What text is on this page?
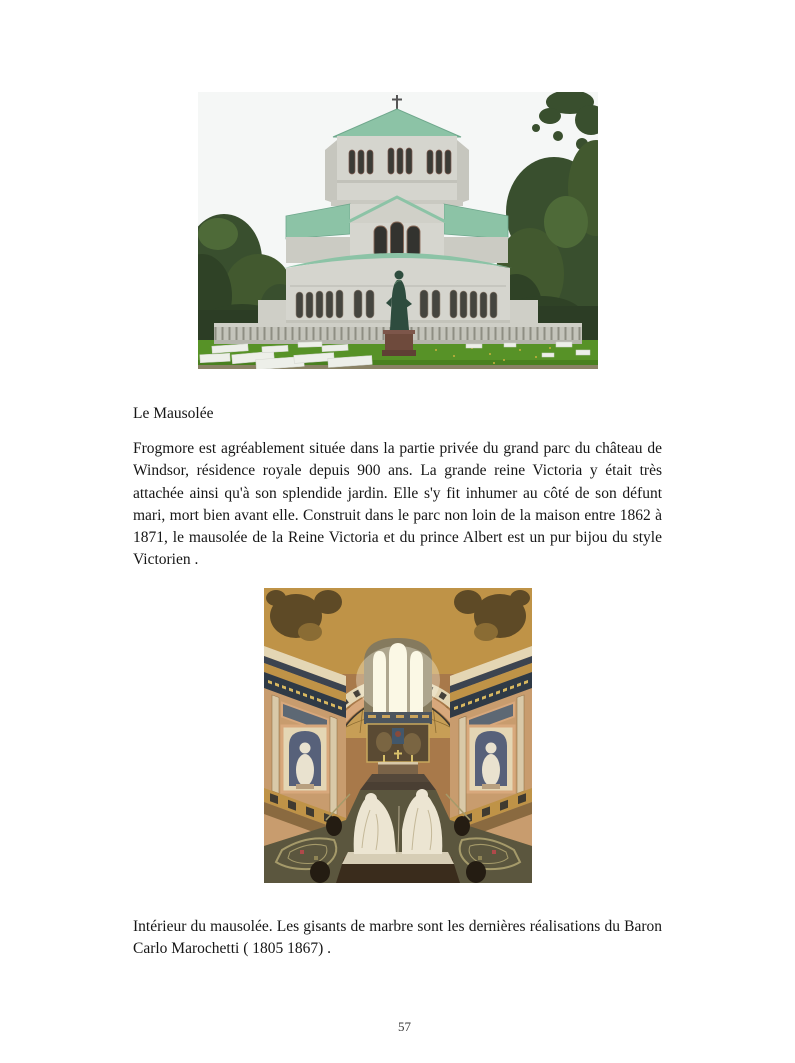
Le Mausolée
Frogmore est agréablement située dans la partie privée du grand parc du château de Windsor, résidence royale depuis 900 ans. La grande reine Victoria y était très attachée ainsi qu'à son splendide jardin. Elle s'y fit inhumer au côté de son défunt mari, mort bien avant elle. Construit dans le parc non loin de la maison entre 1862 à 1871, le mausolée de la Reine Victoria et du prince Albert est un pur bijou du style Victorien .
Intérieur du mausolée. Les gisants de marbre sont les dernières réalisations du Baron Carlo Marochetti ( 1805 1867) .
57
